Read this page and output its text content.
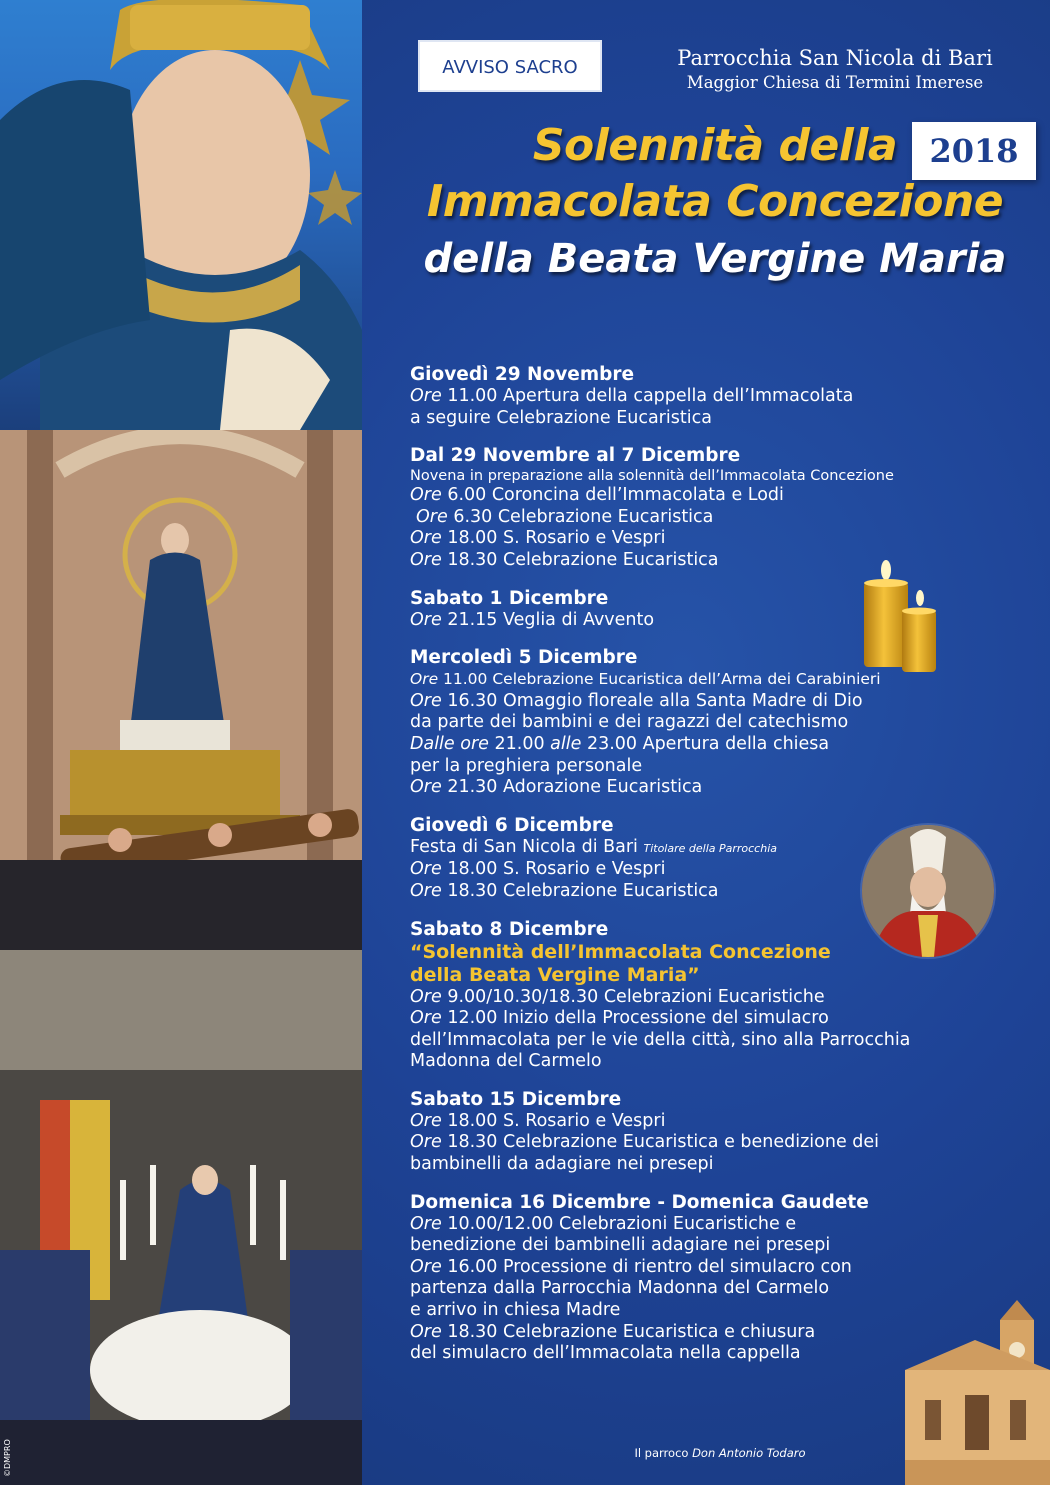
©DMPRO
AVVISO SACRO	Parrocchia San Nicola di Bari
Maggior Chiesa di Termini Imerese
2018
Solennità della
Immacolata Concezione
della Beata Vergine Maria
Giovedì 29 Novembre
Ore 11.00 Apertura della cappella dell’Immacolata
a seguire Celebrazione Eucaristica
Dal 29 Novembre al 7 Dicembre
Novena in preparazione alla solennità dell’Immacolata Concezione
Ore 6.00 Coroncina dell’Immacolata e Lodi
Ore 6.30 Celebrazione Eucaristica
Ore 18.00 S. Rosario e Vespri
Ore 18.30 Celebrazione Eucaristica
Sabato 1 Dicembre
Ore 21.15 Veglia di Avvento
Mercoledì 5 Dicembre
Ore 11.00 Celebrazione Eucaristica dell’Arma dei Carabinieri
Ore 16.30 Omaggio floreale alla Santa Madre di Dio
da parte dei bambini e dei ragazzi del catechismo
Dalle ore 21.00 alle 23.00 Apertura della chiesa
per la preghiera personale
Ore 21.30 Adorazione Eucaristica
Giovedì 6 Dicembre
Festa di San Nicola di Bari Titolare della Parrocchia
Ore 18.00 S. Rosario e Vespri
Ore 18.30 Celebrazione Eucaristica
Sabato 8 Dicembre
“Solennità dell’Immacolata Concezione
della Beata Vergine Maria”
Ore 9.00/10.30/18.30 Celebrazioni Eucaristiche
Ore 12.00 Inizio della Processione del simulacro
dell’Immacolata per le vie della città, sino alla Parrocchia
Madonna del Carmelo
Sabato 15 Dicembre
Ore 18.00 S. Rosario e Vespri
Ore 18.30 Celebrazione Eucaristica e benedizione dei
bambinelli da adagiare nei presepi
Domenica 16 Dicembre - Domenica Gaudete
Ore 10.00/12.00 Celebrazioni Eucaristiche e
benedizione dei bambinelli adagiare nei presepi
Ore 16.00 Processione di rientro del simulacro con
partenza dalla Parrocchia Madonna del Carmelo
e arrivo in chiesa Madre
Ore 18.30 Celebrazione Eucaristica e chiusura
del simulacro dell’Immacolata nella cappella
Il parroco Don Antonio Todaro
